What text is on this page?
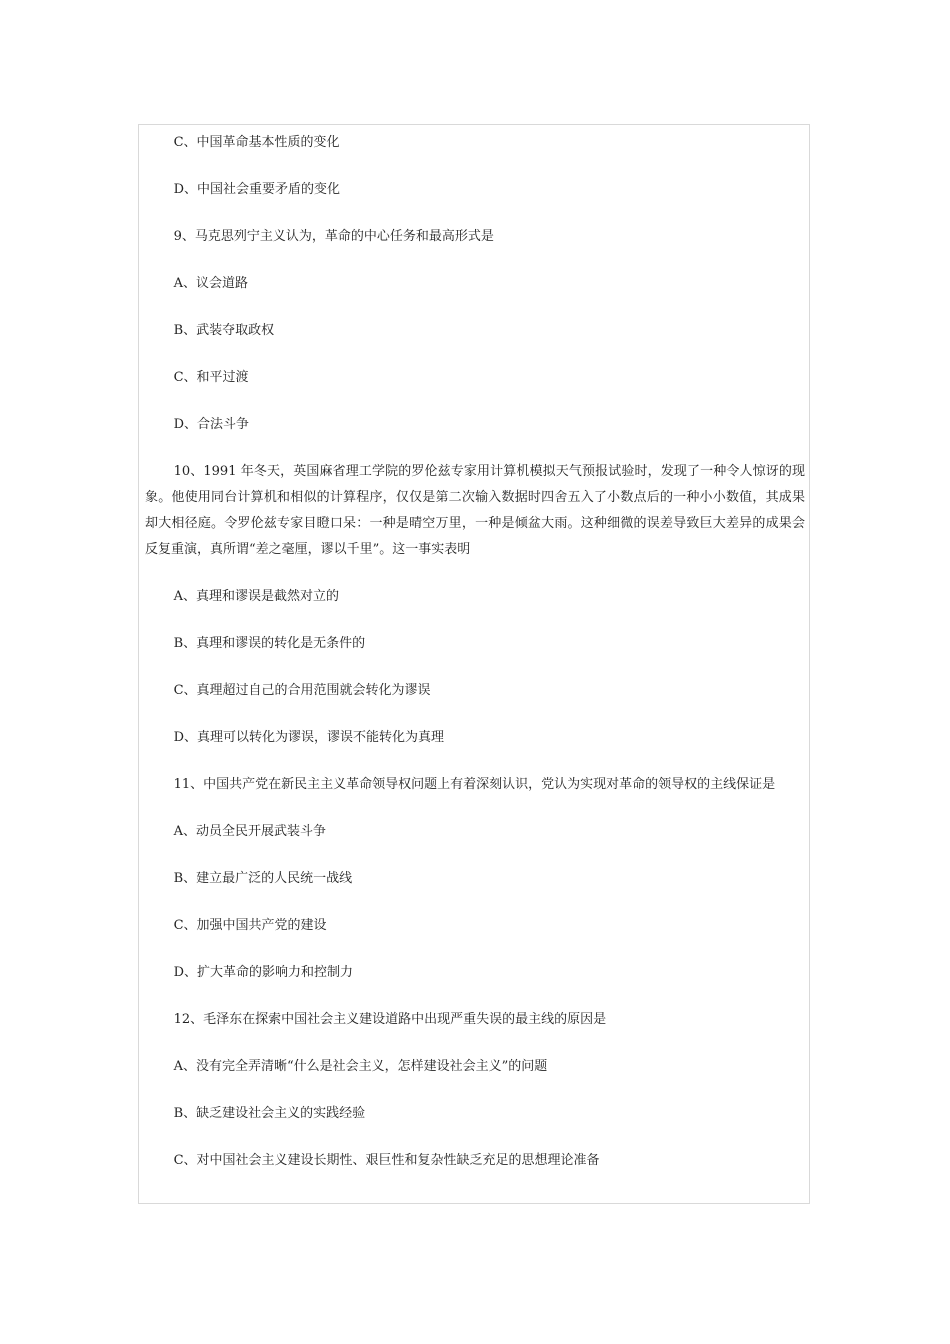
C、中国革命基本性质的变化

D、中国社会重要矛盾的变化

9、马克思列宁主义认为，革命的中心任务和最高形式是

A、议会道路

B、武装夺取政权

C、和平过渡

D、合法斗争

10、1991 年冬天，英国麻省理工学院的罗伦兹专家用计算机模拟天气预报试验时，发现了一种令人惊讶的现象。他使用同台计算机和相似的计算程序，仅仅是第二次输入数据时四舍五入了小数点后的一种小小数值，其成果却大相径庭。令罗伦兹专家目瞪口呆：一种是晴空万里，一种是倾盆大雨。这种细微的误差导致巨大差异的成果会反复重演，真所谓“差之毫厘，谬以千里”。这一事实表明

A、真理和谬误是截然对立的

B、真理和谬误的转化是无条件的

C、真理超过自己的合用范围就会转化为谬误

D、真理可以转化为谬误，谬误不能转化为真理

11、中国共产党在新民主主义革命领导权问题上有着深刻认识，党认为实现对革命的领导权的主线保证是

A、动员全民开展武装斗争

B、建立最广泛的人民统一战线

C、加强中国共产党的建设

D、扩大革命的影响力和控制力

12、毛泽东在探索中国社会主义建设道路中出现严重失误的最主线的原因是

A、没有完全弄清晰“什么是社会主义，怎样建设社会主义”的问题

B、缺乏建设社会主义的实践经验

C、对中国社会主义建设长期性、艰巨性和复杂性缺乏充足的思想理论准备
